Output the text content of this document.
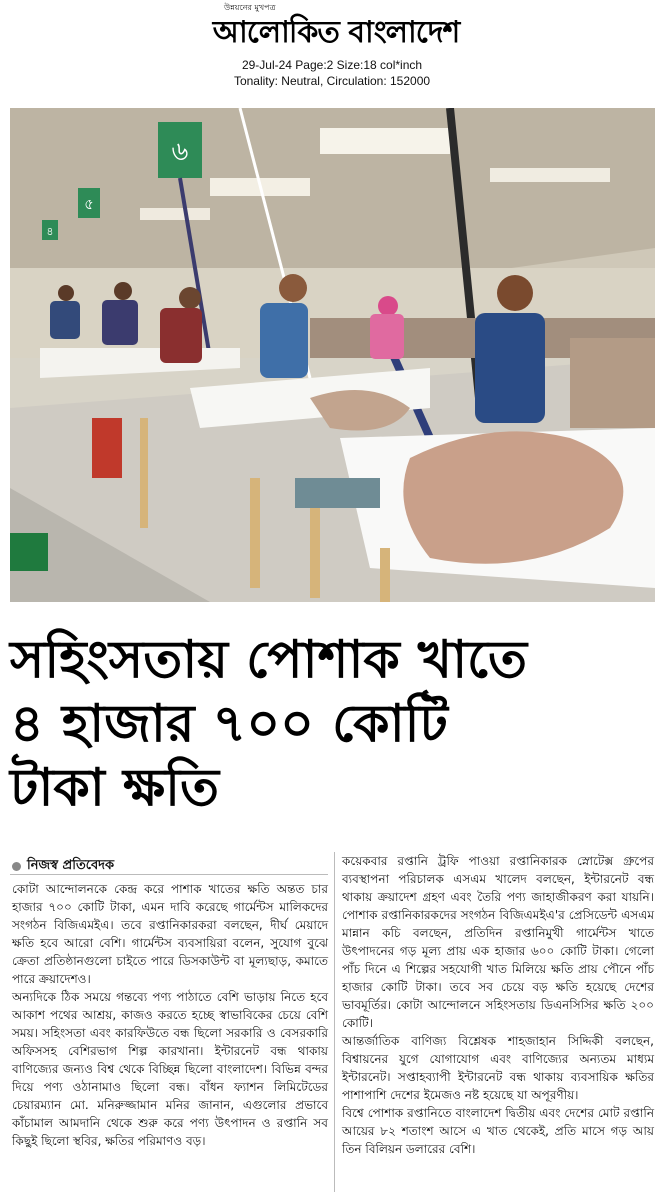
উন্নয়নের মুখপত্র
আলোকিত বাংলাদেশ
29-Jul-24 Page:2 Size:18 col*inch
Tonality: Neutral, Circulation: 152000
৬
৫
৪
সহিংসতায় পোশাক খাতে
৪ হাজার ৭০০ কোটি
টাকা ক্ষতি
নিজস্ব প্রতিবেদক

কোটা আন্দোলনকে কেন্দ্র করে পাশাক খাতের ক্ষতি অন্তত চার হাজার ৭০০ কোটি টাকা, এমন দাবি করেছে গার্মেন্টস মালিকদের সংগঠন বিজিএমইএ। তবে রপ্তানিকারকরা বলছেন, দীর্ঘ মেয়াদে ক্ষতি হবে আরো বেশি। গার্মেন্টস ব্যবসায়িরা বলেন, সুযোগ বুঝে ক্রেতা প্রতিষ্ঠানগুলো চাইতে পারে ডিসকাউন্ট বা মূল্যছাড়, কমাতে পারে ক্রয়াদেশও।

অন্যদিকে ঠিক সময়ে গন্তব্যে পণ্য পাঠাতে বেশি ভাড়ায় নিতে হবে আকাশ পথের আশ্রয়, কাজও করতে হচ্ছে স্বাভাবিকের চেয়ে বেশি সময়। সহিংসতা এবং কারফিউতে বন্ধ ছিলো সরকারি ও বেসরকারি অফিসসহ বেশিরভাগ শিল্প কারখানা। ইন্টারনেট বন্ধ থাকায় বাণিজ্যের জন্যও বিশ্ব থেকে বিচ্ছিন্ন ছিলো বাংলাদেশ। বিভিন্ন বন্দর দিয়ে পণ্য ওঠানামাও ছিলো বন্ধ। বাঁধন ফ্যাশন লিমিটেডের চেয়ারম্যান মো. মনিরুজ্জামান মনির জানান, এগুলোর প্রভাবে কাঁচামাল আমদানি থেকে শুরু করে পণ্য উৎপাদন ও রপ্তানি সব কিছুই ছিলো স্থবির, ক্ষতির পরিমাণও বড়।

কয়েকবার রপ্তানি ট্রফি পাওয়া রপ্তানিকারক স্নোটেক্স গ্রুপের ব্যবস্থাপনা পরিচালক এসএম খালেদ বলছেন, ইন্টারনেট বন্ধ থাকায় ক্রয়াদেশ গ্রহণ এবং তৈরি পণ্য জাহাজীকরণ করা যায়নি। পোশাক রপ্তানিকারকদের সংগঠন বিজিএমইএ'র প্রেসিডেন্ট এসএম মান্নান কচি বলছেন, প্রতিদিন রপ্তানিমুখী গার্মেন্টস খাতে উৎপাদনের গড় মূল্য প্রায় এক হাজার ৬০০ কোটি টাকা। গেলো পাঁচ দিনে এ শিল্পের সহযোগী খাত মিলিয়ে ক্ষতি প্রায় পৌনে পাঁচ হাজার কোটি টাকা। তবে সব চেয়ে বড় ক্ষতি হয়েছে দেশের ভাবমূর্তির। কোটা আন্দোলনে সহিংসতায় ডিএনসিসির ক্ষতি ২০০ কোটি।

আন্তর্জাতিক বাণিজ্য বিশ্লেষক শাহজাহান সিদ্দিকী বলছেন, বিশ্বায়নের যুগে যোগাযোগ এবং বাণিজ্যের অন্যতম মাধ্যম ইন্টারনেট। সপ্তাহব্যাপী ইন্টারনেট বন্ধ থাকায় ব্যবসায়িক ক্ষতির পাশাপাশি দেশের ইমেজও নষ্ট হয়েছে যা অপূরণীয়।

বিশ্বে পোশাক রপ্তানিতে বাংলাদেশ দ্বিতীয় এবং দেশের মোট রপ্তানি আয়ের ৮২ শতাংশ আসে এ খাত থেকেই, প্রতি মাসে গড় আয় তিন বিলিয়ন ডলারের বেশি।
